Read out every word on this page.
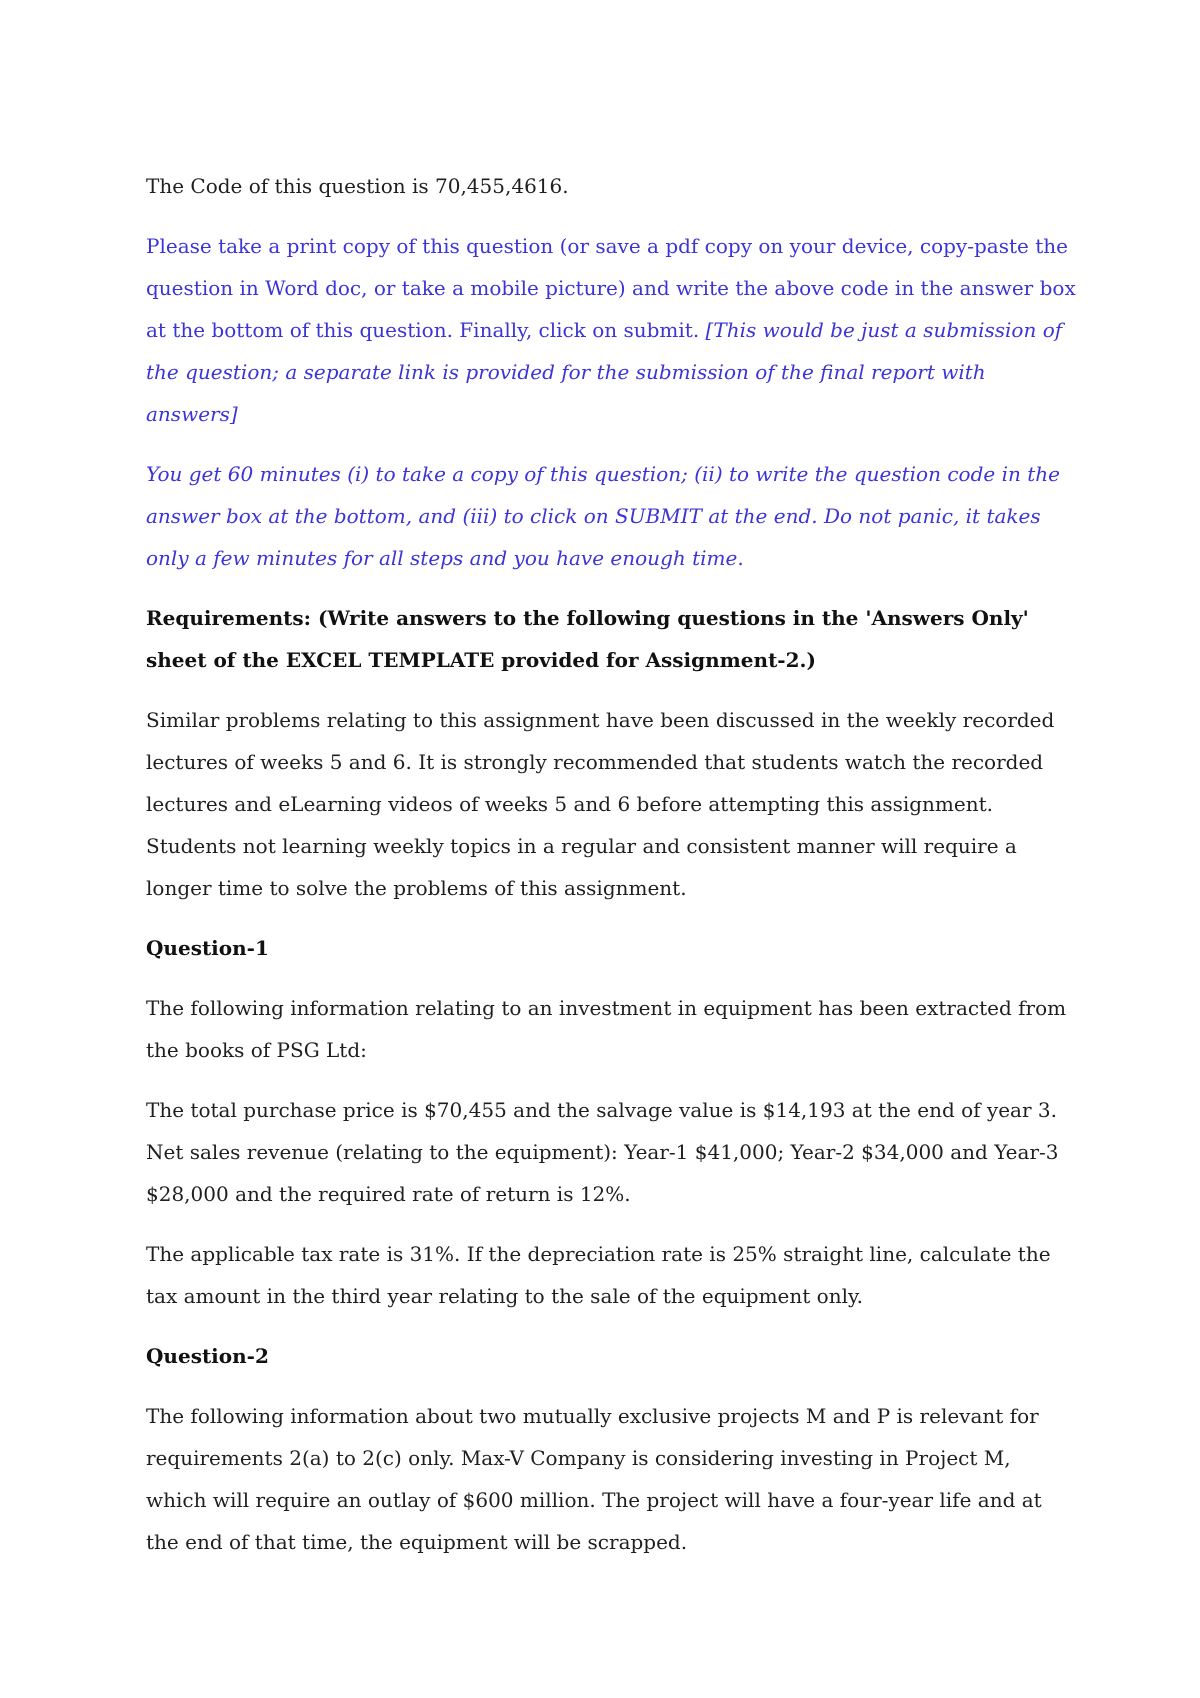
The Code of this question is 70,455,4616.

Please take a print copy of this question (or save a pdf copy on your device, copy-paste the question in Word doc, or take a mobile picture) and write the above code in the answer box at the bottom of this question. Finally, click on submit. [This would be just a submission of the question; a separate link is provided for the submission of the final report with answers]

You get 60 minutes (i) to take a copy of this question; (ii) to write the question code in the answer box at the bottom, and (iii) to click on SUBMIT at the end. Do not panic, it takes only a few minutes for all steps and you have enough time.

Requirements: (Write answers to the following questions in the 'Answers Only' sheet of the EXCEL TEMPLATE provided for Assignment-2.)

Similar problems relating to this assignment have been discussed in the weekly recorded lectures of weeks 5 and 6. It is strongly recommended that students watch the recorded lectures and eLearning videos of weeks 5 and 6 before attempting this assignment. Students not learning weekly topics in a regular and consistent manner will require a longer time to solve the problems of this assignment.

Question-1

The following information relating to an investment in equipment has been extracted from the books of PSG Ltd:

The total purchase price is $70,455 and the salvage value is $14,193 at the end of year 3. Net sales revenue (relating to the equipment): Year-1 $41,000; Year-2 $34,000 and Year-3 $28,000 and the required rate of return is 12%.

The applicable tax rate is 31%. If the depreciation rate is 25% straight line, calculate the tax amount in the third year relating to the sale of the equipment only.

Question-2

The following information about two mutually exclusive projects M and P is relevant for requirements 2(a) to 2(c) only. Max-V Company is considering investing in Project M, which will require an outlay of $600 million. The project will have a four-year life and at the end of that time, the equipment will be scrapped.
